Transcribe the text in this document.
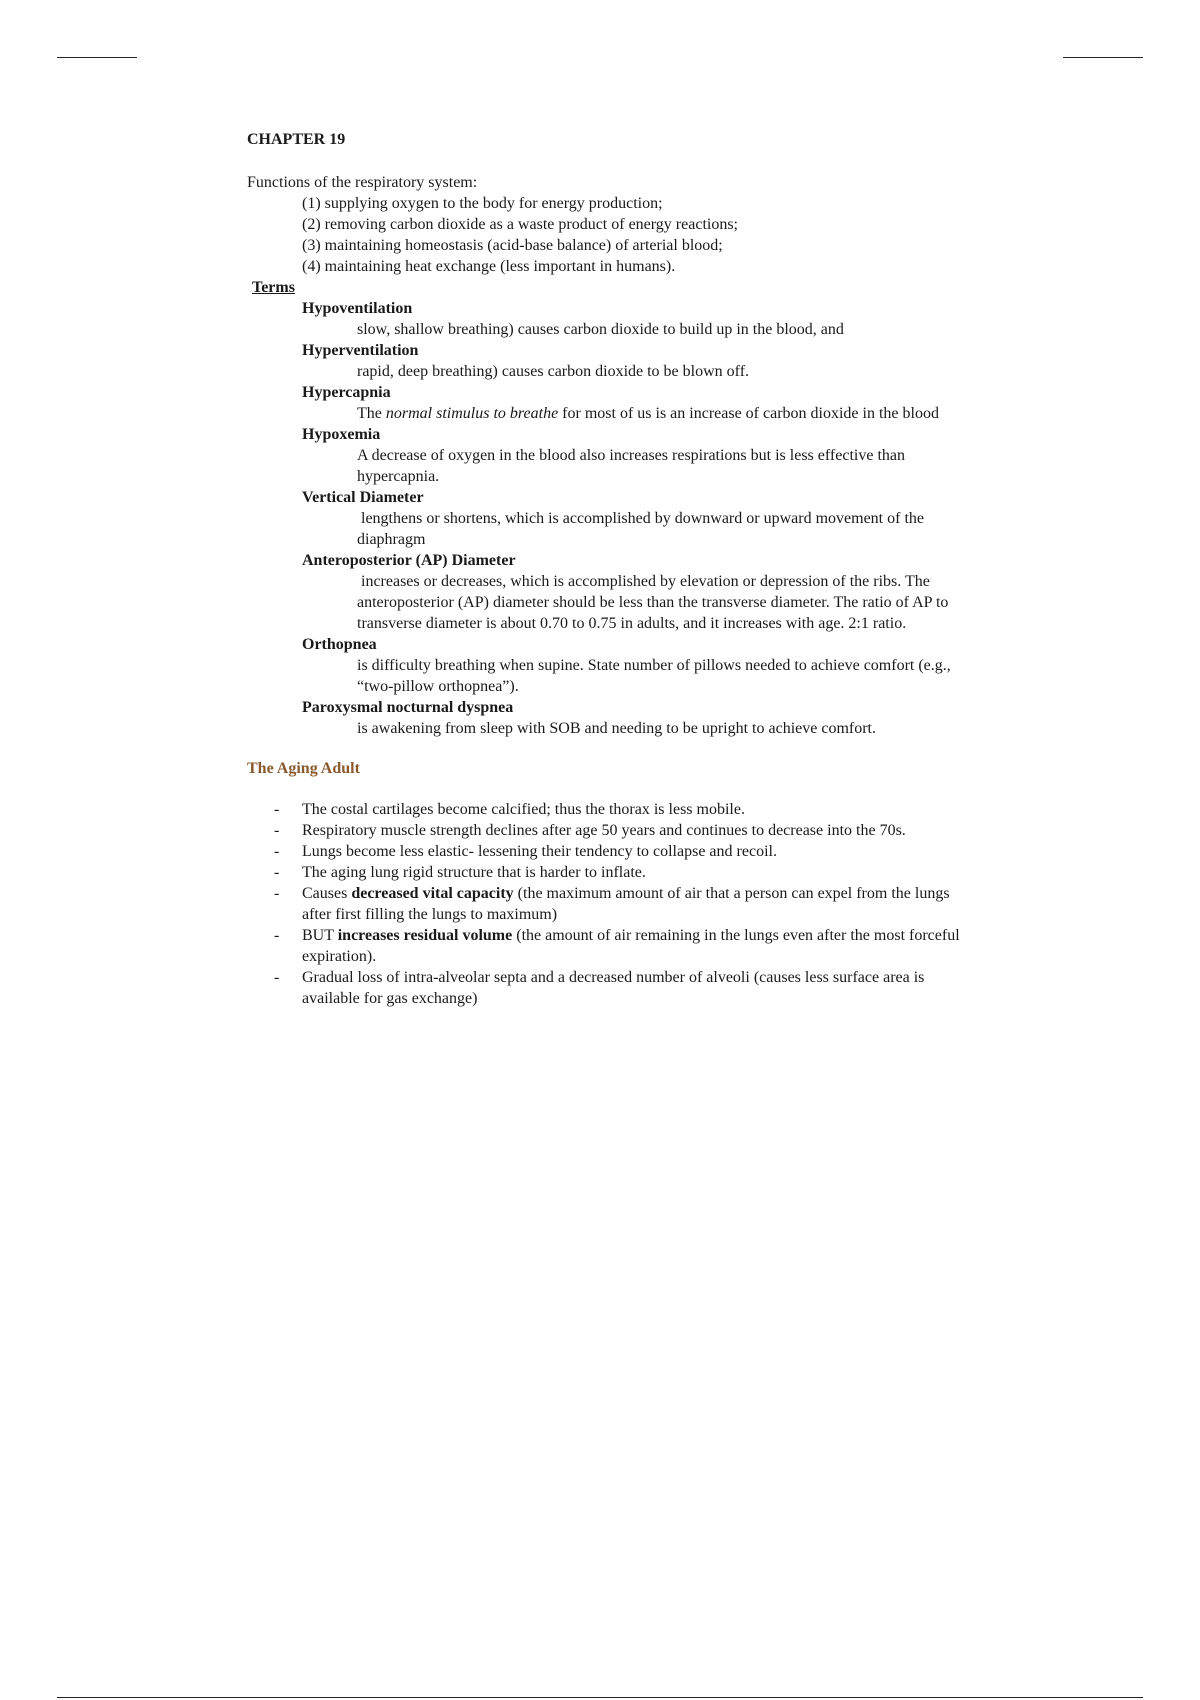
CHAPTER 19
Functions of the respiratory system:
(1) supplying oxygen to the body for energy production;
(2) removing carbon dioxide as a waste product of energy reactions;
(3) maintaining homeostasis (acid-base balance) of arterial blood;
(4) maintaining heat exchange (less important in humans).
Terms
Hypoventilation
slow, shallow breathing) causes carbon dioxide to build up in the blood, and
Hyperventilation
rapid, deep breathing) causes carbon dioxide to be blown off.
Hypercapnia
The normal stimulus to breathe for most of us is an increase of carbon dioxide in the blood
Hypoxemia
A decrease of oxygen in the blood also increases respirations but is less effective than hypercapnia.
Vertical Diameter
lengthens or shortens, which is accomplished by downward or upward movement of the diaphragm
Anteroposterior (AP) Diameter
increases or decreases, which is accomplished by elevation or depression of the ribs. The anteroposterior (AP) diameter should be less than the transverse diameter. The ratio of AP to transverse diameter is about 0.70 to 0.75 in adults, and it increases with age. 2:1 ratio.
Orthopnea
is difficulty breathing when supine. State number of pillows needed to achieve comfort (e.g., “two-pillow orthopnea”).
Paroxysmal nocturnal dyspnea
is awakening from sleep with SOB and needing to be upright to achieve comfort.
The Aging Adult
- The costal cartilages become calcified; thus the thorax is less mobile.
- Respiratory muscle strength declines after age 50 years and continues to decrease into the 70s.
- Lungs become less elastic- lessening their tendency to collapse and recoil.
- The aging lung rigid structure that is harder to inflate.
- Causes decreased vital capacity (the maximum amount of air that a person can expel from the lungs after first filling the lungs to maximum)
- BUT increases residual volume (the amount of air remaining in the lungs even after the most forceful expiration).
- Gradual loss of intra-alveolar septa and a decreased number of alveoli (causes less surface area is available for gas exchange)
